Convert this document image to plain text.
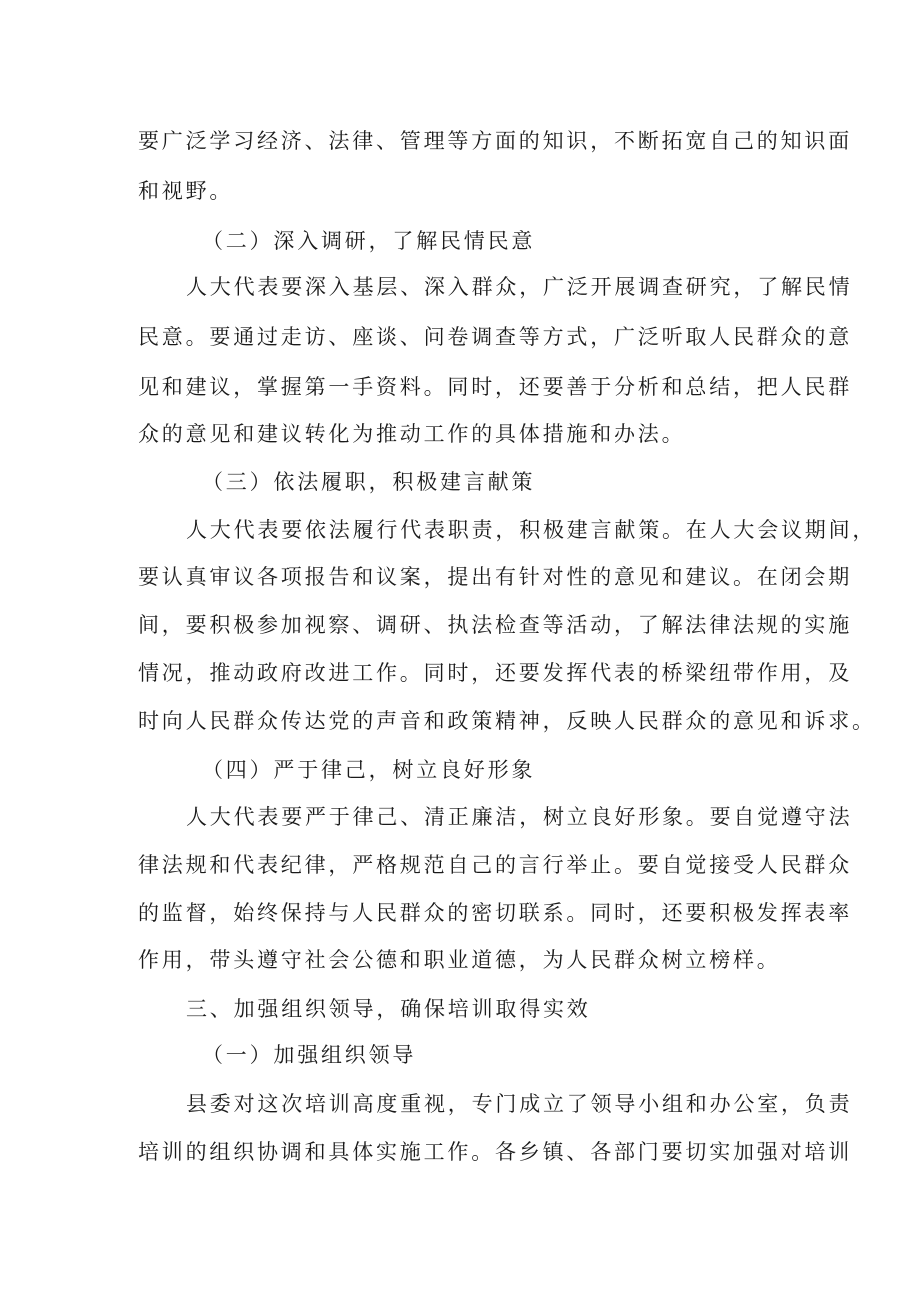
要广泛学习经济、法律、管理等方面的知识，不断拓宽自己的知识面
和视野。
（二）深入调研，了解民情民意
人大代表要深入基层、深入群众，广泛开展调查研究，了解民情
民意。要通过走访、座谈、问卷调查等方式，广泛听取人民群众的意
见和建议，掌握第一手资料。同时，还要善于分析和总结，把人民群
众的意见和建议转化为推动工作的具体措施和办法。
（三）依法履职，积极建言献策
人大代表要依法履行代表职责，积极建言献策。在人大会议期间，
要认真审议各项报告和议案，提出有针对性的意见和建议。在闭会期
间，要积极参加视察、调研、执法检查等活动，了解法律法规的实施
情况，推动政府改进工作。同时，还要发挥代表的桥梁纽带作用，及
时向人民群众传达党的声音和政策精神，反映人民群众的意见和诉求。
（四）严于律己，树立良好形象
人大代表要严于律己、清正廉洁，树立良好形象。要自觉遵守法
律法规和代表纪律，严格规范自己的言行举止。要自觉接受人民群众
的监督，始终保持与人民群众的密切联系。同时，还要积极发挥表率
作用，带头遵守社会公德和职业道德，为人民群众树立榜样。
三、加强组织领导，确保培训取得实效
（一）加强组织领导
县委对这次培训高度重视，专门成立了领导小组和办公室，负责
培训的组织协调和具体实施工作。各乡镇、各部门要切实加强对培训
